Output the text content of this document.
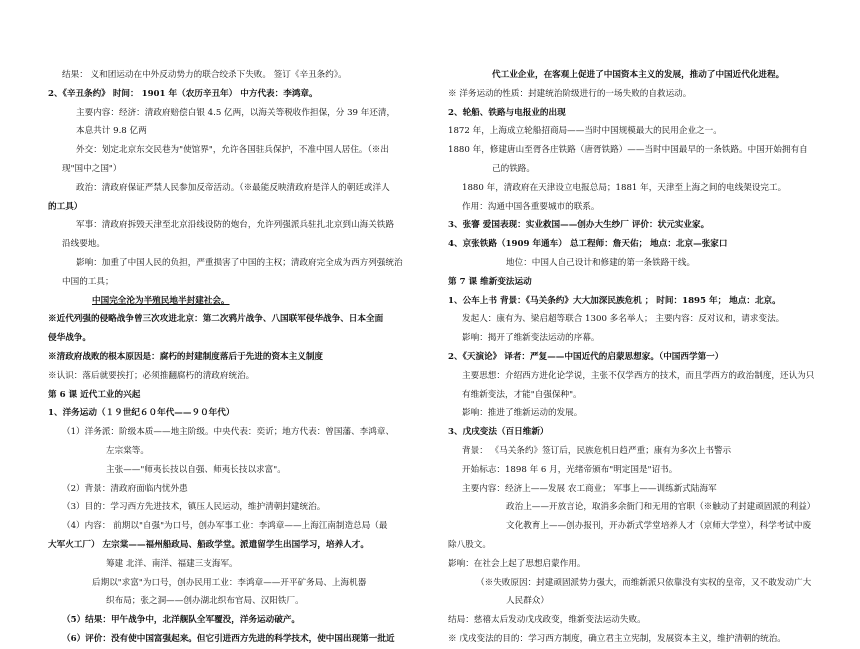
结果： 义和团运动在中外反动势力的联合绞杀下失败。 签订《辛丑条约》。
2、《辛丑条约》 时间： 1901 年（农历辛丑年） 中方代表：李鸿章。
主要内容：经济：清政府赔偿白银 4.5 亿两，以海关等税收作担保，分 39 年还清，
本息共计 9.8 亿两
外交：划定北京东交民巷为"使馆界"，允许各国驻兵保护，不准中国人居住。（※出
现"国中之国"）
政治：清政府保证严禁人民参加反帝活动。（※最能反映清政府是洋人的朝廷或洋人
的工具）
军事：清政府拆毁天津至北京沿线设防的炮台，允许列强派兵驻扎北京到山海关铁路
沿线要地。
影响：加重了中国人民的负担，严重损害了中国的主权；清政府完全成为西方列强统治
中国的工具；
中国完全沦为半殖民地半封建社会。
※近代列强的侵略战争曾三次攻进北京：第二次鸦片战争、八国联军侵华战争、日本全面
侵华战争。
※清政府战败的根本原因是：腐朽的封建制度落后于先进的资本主义制度
※认识：落后就要挨打；必须推翻腐朽的清政府统治。
第 6 课 近代工业的兴起
1、洋务运动（１９世纪６０年代——９０年代）
（1）洋务派：阶级本质——地主阶级。中央代表：奕䜣；地方代表：曾国藩、李鸿章、
左宗棠等。
主张——"师夷长技以自强、师夷长技以求富"。
（2）背景：清政府面临内忧外患
（3）目的：学习西方先进技术，镇压人民运动，维护清朝封建统治。
（4）内容： 前期以"自强"为口号，创办军事工业：李鸿章——上海江南制造总局（最
大军火工厂） 左宗棠——福州船政局、船政学堂。派遣留学生出国学习，培养人才。
筹建 北洋、南洋、福建三支海军。
后期以"求富"为口号，创办民用工业：李鸿章——开平矿务局、上海机器
织布局；张之洞——创办湖北织布官局、汉阳铁厂。
（5）结果：甲午战争中，北洋舰队全军覆没，洋务运动破产。
（6）评价：没有使中国富强起来。但它引进西方先进的科学技术，使中国出现第一批近
代工业企业，在客观上促进了中国资本主义的发展，推动了中国近代化进程。
※ 洋务运动的性质：封建统治阶级进行的一场失败的自救运动。
2、轮船、铁路与电报业的出现
1872 年，上海成立轮船招商局——当时中国规模最大的民用企业之一。
1880 年，修建唐山至胥各庄铁路（唐胥铁路）——当时中国最早的一条铁路。中国开始拥有自
己的铁路。
1880 年，清政府在天津设立电报总局；1881 年，天津至上海之间的电线架设完工。
作用：沟通中国各重要城市的联系。
3、张謇 爱国表现：实业救国——创办大生纱厂 评价：状元实业家。
4、京张铁路（1909 年通车） 总工程师：詹天佑； 地点：北京—张家口
地位：中国人自己设计和修建的第一条铁路干线。
第 7 课 维新变法运动
1、公车上书 背景：《马关条约》大大加深民族危机 ； 时间：1895 年； 地点：北京。
发起人：康有为、梁启超等联合 1300 多名举人； 主要内容：反对议和，请求变法。
影响：揭开了维新变法运动的序幕。
2、《天演论》 译者：严复——中国近代的启蒙思想家。（中国西学第一）
主要思想：介绍西方进化论学说，主张不仅学西方的技术，而且学西方的政治制度，还认为只
有维新变法，才能"自强保种"。
影响：推进了维新运动的发展。
3、戊戌变法（百日维新）
背景： 《马关条约》签订后，民族危机日趋严重；康有为多次上书警示
开始标志：1898 年 6 月，光绪帝颁布"明定国是"诏书。
主要内容：经济上——发展 农工商业； 军事上——训练新式陆海军
政治上——开放言论，取消多余衙门和无用的官职（※触动了封建顽固派的利益）
文化教育上——创办报刊，开办新式学堂培养人才（京师大学堂），科学考试中废
除八股文。
影响：在社会上起了思想启蒙作用。
（※失败原因：封建顽固派势力强大，而维新派只依靠没有实权的皇帝，又不敢发动广大
人民群众）
结局：慈禧太后发动戊戌政变，维新变法运动失败。
※ 戊戌变法的目的：学习西方制度，确立君主立宪制，发展资本主义，维护清朝的统治。
